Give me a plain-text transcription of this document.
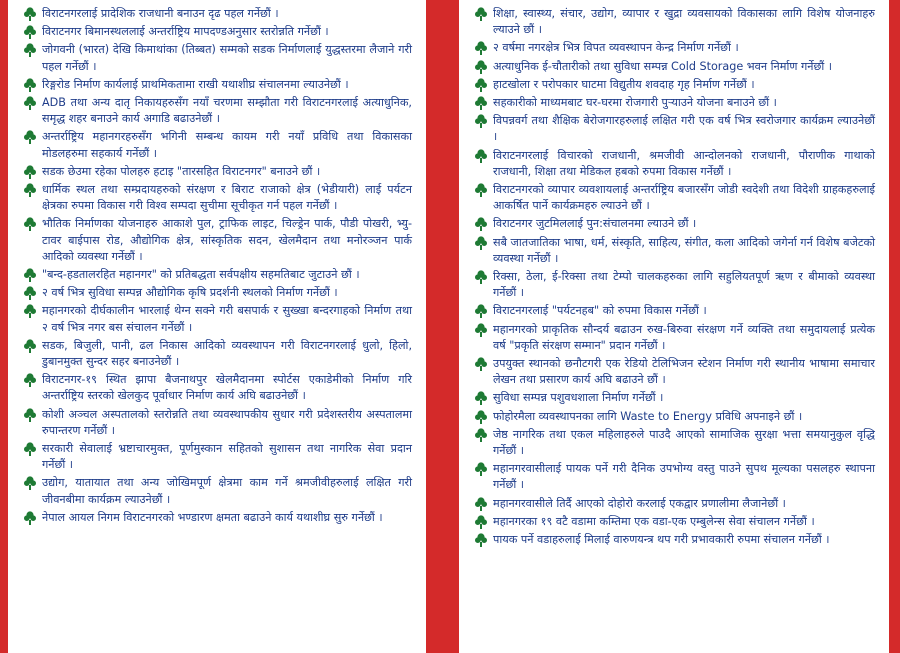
विराटनगरलाई प्रादेशिक राजधानी बनाउन दृढ पहल गर्नेछौं ।
विराटनगर बिमानस्थललाई अन्तर्राष्ट्रिय मापदण्डअनुसार स्तरोन्नति गर्नेछौं ।
जोगवनी (भारत) देखि किमाथांका (तिब्बत) सम्मको सडक निर्माणलाई युद्धस्तरमा लैजाने गरी पहल गर्नेछौं ।
रिङ्गरोड निर्माण कार्यलाई प्राथमिकतामा राखी यथाशीघ्र संचालनमा ल्याउनेछौं ।
ADB तथा अन्य दातृ निकायहरुसँग नयाँ चरणमा सम्झौता गरी विराटनगरलाई अत्याधुनिक, समृद्ध शहर बनाउने कार्य अगाडि बढाउनेछौं ।
अन्तर्राष्ट्रिय महानगरहरुसँग भगिनी सम्बन्ध कायम गरी नयाँ प्रविधि तथा विकासका मोडलहरुमा सहकार्य गर्नेछौं ।
सडक छेउमा रहेका पोलहरु हटाइ "तारसहित विराटनगर" बनाउने छौं ।
धार्मिक स्थल तथा सम्प्रदायहरुको संरक्षण र बिराट राजाको क्षेत्र (भेडीयारी) लाई पर्यटन क्षेत्रका रुपमा विकास गरी विश्व सम्पदा सुचीमा सूचीकृत गर्न पहल गर्नेछौं ।
भौतिक निर्माणका योजनाहरु आकाशे पुल, ट्राफिक लाइट, चिल्ड्रेन पार्क, पौडी पोखरी, भ्यु-टावर बाईपास रोड, औद्योगिक क्षेत्र, सांस्कृतिक सदन, खेलमैदान तथा मनोरञ्जन पार्क आदिको व्यवस्था गर्नेछौं ।
"बन्द-हडतालरहित महानगर" को प्रतिबद्धता सर्वपक्षीय सहमतिबाट जुटाउने छौं ।
२ वर्ष भित्र सुविधा सम्पन्न औद्योगिक कृषि प्रदर्शनी स्थलको निर्माण गर्नेछौं ।
महानगरको दीर्घकालीन भारलाई थेग्न सक्ने गरी बसपार्क र सुख्खा बन्दरगाहको निर्माण तथा २ वर्ष भित्र नगर बस संचालन गर्नेछौं ।
सडक, बिजुली, पानी, ढल निकास आदिको व्यवस्थापन गरी विराटनगरलाई धुलो, हिलो, डुबानमुक्त सुन्दर सहर बनाउनेछौं ।
विराटनगर-१९ स्थित झापा बैजनाथपुर खेलमैदानमा स्पोर्टस एकाडेमीको निर्माण गरि अन्तर्राष्ट्रिय स्तरको खेलकुद पूर्वाधार निर्माण कार्य अघि बढाउनेछौं ।
कोशी अञ्चल अस्पतालको स्तरोन्नति तथा व्यवस्थापकीय सुधार गरी प्रदेशस्तरीय अस्पतालमा रुपान्तरण गर्नेछौं ।
सरकारी सेवालाई भ्रष्टाचारमुक्त, पूर्णमुस्कान सहितको सुशासन तथा नागरिक सेवा प्रदान गर्नेछौं ।
उद्योग, यातायात तथा अन्य जोखिमपूर्ण क्षेत्रमा काम गर्ने श्रमजीवीहरुलाई लक्षित गरी जीवनबीमा कार्यक्रम ल्याउनेछौं ।
नेपाल आयल निगम विराटनगरको भण्डारण क्षमता बढाउने कार्य यथाशीघ्र सुरु गर्नेछौं ।
शिक्षा, स्वास्थ्य, संचार, उद्योग, व्यापार र खुद्रा व्यवसायको विकासका लागि विशेष योजनाहरु ल्याउने छौं ।
२ वर्षमा नगरक्षेत्र भित्र विपत व्यवस्थापन केन्द्र निर्माण गर्नेछौं ।
अत्याधुनिक ई-चौतारीको तथा सुविधा सम्पन्न Cold Storage भवन निर्माण गर्नेछौं ।
हाटखोला र परोपकार घाटमा विद्युतीय शवदाह गृह निर्माण गर्नेछौं ।
सहकारीको माध्यमबाट घर-घरमा रोजगारी पुर्‍याउने योजना बनाउने छौं ।
विपन्नवर्ग तथा शैक्षिक बेरोजगारहरुलाई लक्षित गरी एक वर्ष भित्र स्वरोजगार कार्यक्रम ल्याउनेछौं ।
विराटनगरलाई विचारको राजधानी, श्रमजीवी आन्दोलनको राजधानी, पौराणीक गाथाको राजधानी, शिक्षा तथा मेडिकल हबको रुपमा विकास गर्नेछौं ।
विराटनगरको व्यापार व्यवशायलाई अन्तर्राष्ट्रिय बजारसँग जोडी स्वदेशी तथा विदेशी ग्राहकहरुलाई आकर्षित पार्ने कार्यक्रमहरु ल्याउने छौं ।
विराटनगर जुटमिललाई पुन:संचालनमा ल्याउने छौं ।
सबै जातजातिका भाषा, धर्म, संस्कृति, साहित्य, संगीत, कला आदिको जगेर्ना गर्न विशेष बजेटको व्यवस्था गर्नेछौं ।
रिक्सा, ठेला, ई-रिक्सा तथा टेम्पो चालकहरुका लागि सहुलियतपूर्ण ऋण र बीमाको व्यवस्था गर्नेछौं ।
विराटनगरलाई "पर्यटनहब" को रुपमा विकास गर्नेछौं ।
महानगरको प्राकृतिक सौन्दर्य बढाउन रुख-बिरुवा संरक्षण गर्ने व्यक्ति तथा समुदायलाई प्रत्येक वर्ष "प्रकृति संरक्षण सम्मान" प्रदान गर्नेछौं ।
उपयुक्त स्थानको छनौटगरी एक रेडियो टेलिभिजन स्टेशन निर्माण गरी स्थानीय भाषामा समाचार लेखन तथा प्रसारण कार्य अघि बढाउने छौं ।
सुविधा सम्पन्न पशुवधशाला निर्माण गर्नेछौं ।
फोहोरमैला व्यवस्थापनका लागि Waste to Energy प्रविधि अपनाइने छौं ।
जेष्ठ नागरिक तथा एकल महिलाहरुले पाउदै आएको सामाजिक सुरक्षा भत्ता समयानुकुल वृद्धि गर्नेछौं ।
महानगरवासीलाई पायक पर्ने गरी दैनिक उपभोग्य वस्तु पाउने सुपथ मूल्यका पसलहरु स्थापना गर्नेछौं ।
महानगरवासीले तिर्दै आएको दोहोरो करलाई एकद्वार प्रणालीमा लैजानेछौं ।
महानगरका १९ वटै वडामा कम्तिमा एक वडा-एक एम्बुलेन्स सेवा संचालन गर्नेछौं ।
पायक पर्ने वडाहरुलाई मिलाई वारुणयन्त्र थप गरी प्रभावकारी रुपमा संचालन गर्नेछौं ।
